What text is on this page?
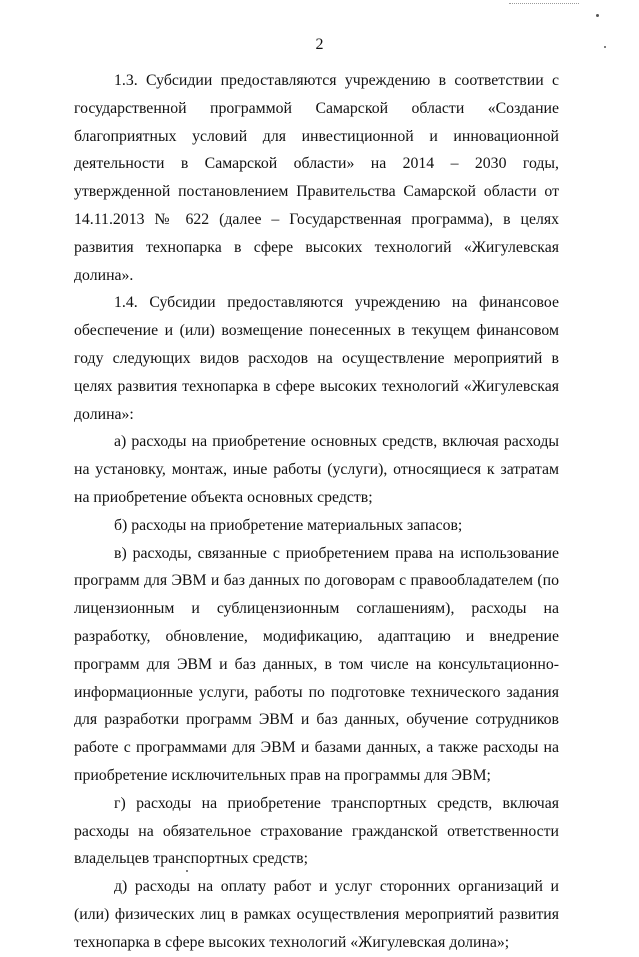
2

1.3. Субсидии предоставляются учреждению в соответствии с государственной программой Самарской области «Создание благоприятных условий для инвестиционной и инновационной деятельности в Самарской области» на 2014 – 2030 годы, утвержденной постановлением Правительства Самарской области от 14.11.2013 № 622 (далее – Государственная программа), в целях развития технопарка в сфере высоких технологий «Жигулевская долина».

1.4. Субсидии предоставляются учреждению на финансовое обеспечение и (или) возмещение понесенных в текущем финансовом году следующих видов расходов на осуществление мероприятий в целях развития технопарка в сфере высоких технологий «Жигулевская долина»:

а) расходы на приобретение основных средств, включая расходы на установку, монтаж, иные работы (услуги), относящиеся к затратам на приобретение объекта основных средств;

б) расходы на приобретение материальных запасов;

в) расходы, связанные с приобретением права на использование программ для ЭВМ и баз данных по договорам с правообладателем (по лицензионным и сублицензионным соглашениям), расходы на разработку, обновление, модификацию, адаптацию и внедрение программ для ЭВМ и баз данных, в том числе на консультационно-информационные услуги, работы по подготовке технического задания для разработки программ ЭВМ и баз данных, обучение сотрудников работе с программами для ЭВМ и базами данных, а также расходы на приобретение исключительных прав на программы для ЭВМ;

г) расходы на приобретение транспортных средств, включая расходы на обязательное страхование гражданской ответственности владельцев транспортных средств;

д) расходы на оплату работ и услуг сторонних организаций и (или) физических лиц в рамках осуществления мероприятий развития технопарка в сфере высоких технологий «Жигулевская долина»;
